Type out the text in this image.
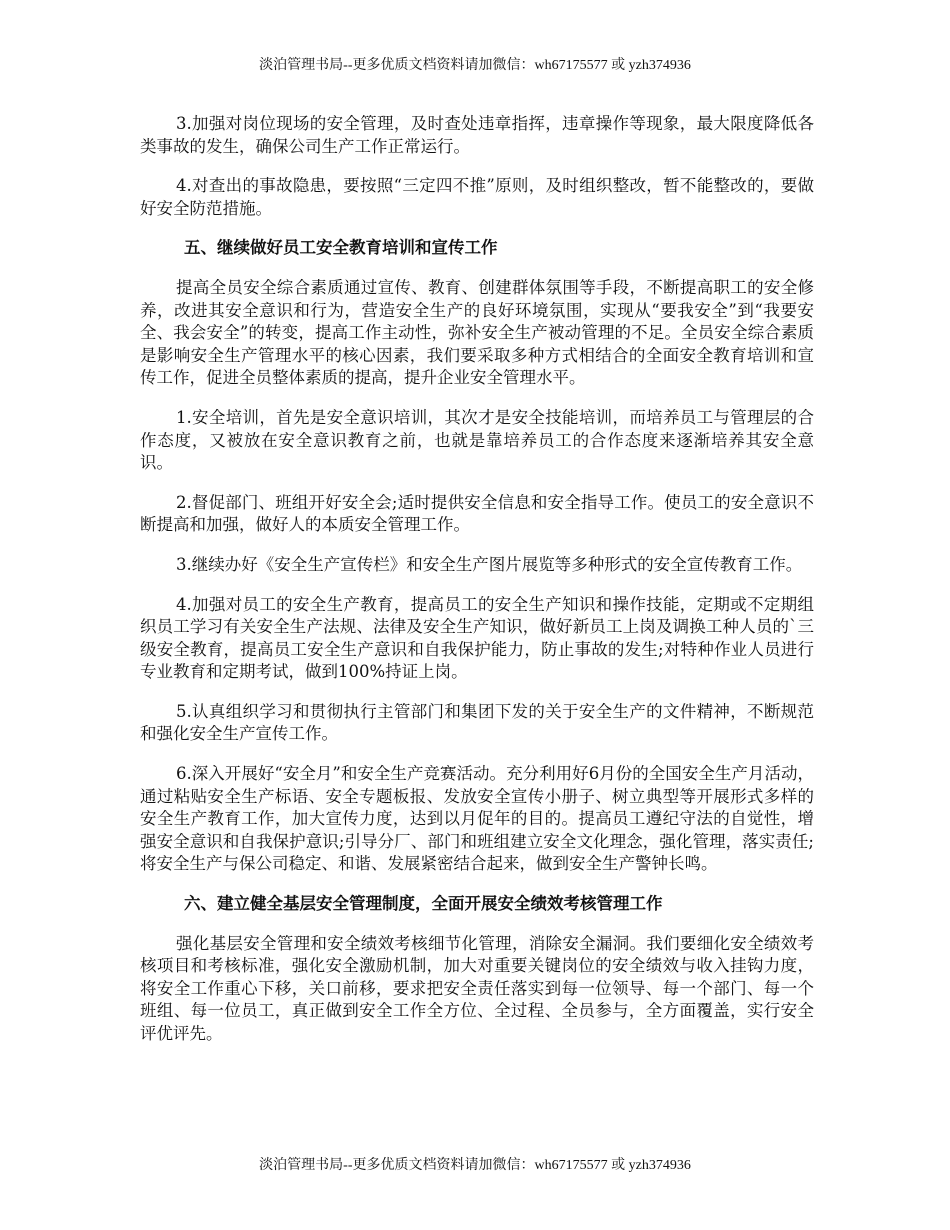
淡泊管理书局--更多优质文档资料请加微信：wh67175577 或 yzh374936

3.加强对岗位现场的安全管理，及时查处违章指挥，违章操作等现象，最大限度降低各类事故的发生，确保公司生产工作正常运行。

4.对查出的事故隐患，要按照“三定四不推”原则，及时组织整改，暂不能整改的，要做好安全防范措施。

五、继续做好员工安全教育培训和宣传工作

提高全员安全综合素质通过宣传、教育、创建群体氛围等手段，不断提高职工的安全修养，改进其安全意识和行为，营造安全生产的良好环境氛围，实现从“要我安全”到“我要安全、我会安全”的转变，提高工作主动性，弥补安全生产被动管理的不足。全员安全综合素质是影响安全生产管理水平的核心因素，我们要采取多种方式相结合的全面安全教育培训和宣传工作，促进全员整体素质的提高，提升企业安全管理水平。

1.安全培训，首先是安全意识培训，其次才是安全技能培训，而培养员工与管理层的合作态度，又被放在安全意识教育之前，也就是靠培养员工的合作态度来逐渐培养其安全意识。

2.督促部门、班组开好安全会;适时提供安全信息和安全指导工作。使员工的安全意识不断提高和加强，做好人的本质安全管理工作。

3.继续办好《安全生产宣传栏》和安全生产图片展览等多种形式的安全宣传教育工作。

4.加强对员工的安全生产教育，提高员工的安全生产知识和操作技能，定期或不定期组织员工学习有关安全生产法规、法律及安全生产知识，做好新员工上岗及调换工种人员的`三级安全教育，提高员工安全生产意识和自我保护能力，防止事故的发生;对特种作业人员进行专业教育和定期考试，做到100%持证上岗。

5.认真组织学习和贯彻执行主管部门和集团下发的关于安全生产的文件精神，不断规范和强化安全生产宣传工作。

6.深入开展好“安全月”和安全生产竞赛活动。充分利用好6月份的全国安全生产月活动，通过粘贴安全生产标语、安全专题板报、发放安全宣传小册子、树立典型等开展形式多样的安全生产教育工作，加大宣传力度，达到以月促年的目的。提高员工遵纪守法的自觉性，增强安全意识和自我保护意识;引导分厂、部门和班组建立安全文化理念，强化管理，落实责任;将安全生产与保公司稳定、和谐、发展紧密结合起来，做到安全生产警钟长鸣。

六、建立健全基层安全管理制度，全面开展安全绩效考核管理工作

强化基层安全管理和安全绩效考核细节化管理，消除安全漏洞。我们要细化安全绩效考核项目和考核标准，强化安全激励机制，加大对重要关键岗位的安全绩效与收入挂钩力度，将安全工作重心下移，关口前移，要求把安全责任落实到每一位领导、每一个部门、每一个班组、每一位员工，真正做到安全工作全方位、全过程、全员参与，全方面覆盖，实行安全评优评先。

淡泊管理书局--更多优质文档资料请加微信：wh67175577 或 yzh374936
